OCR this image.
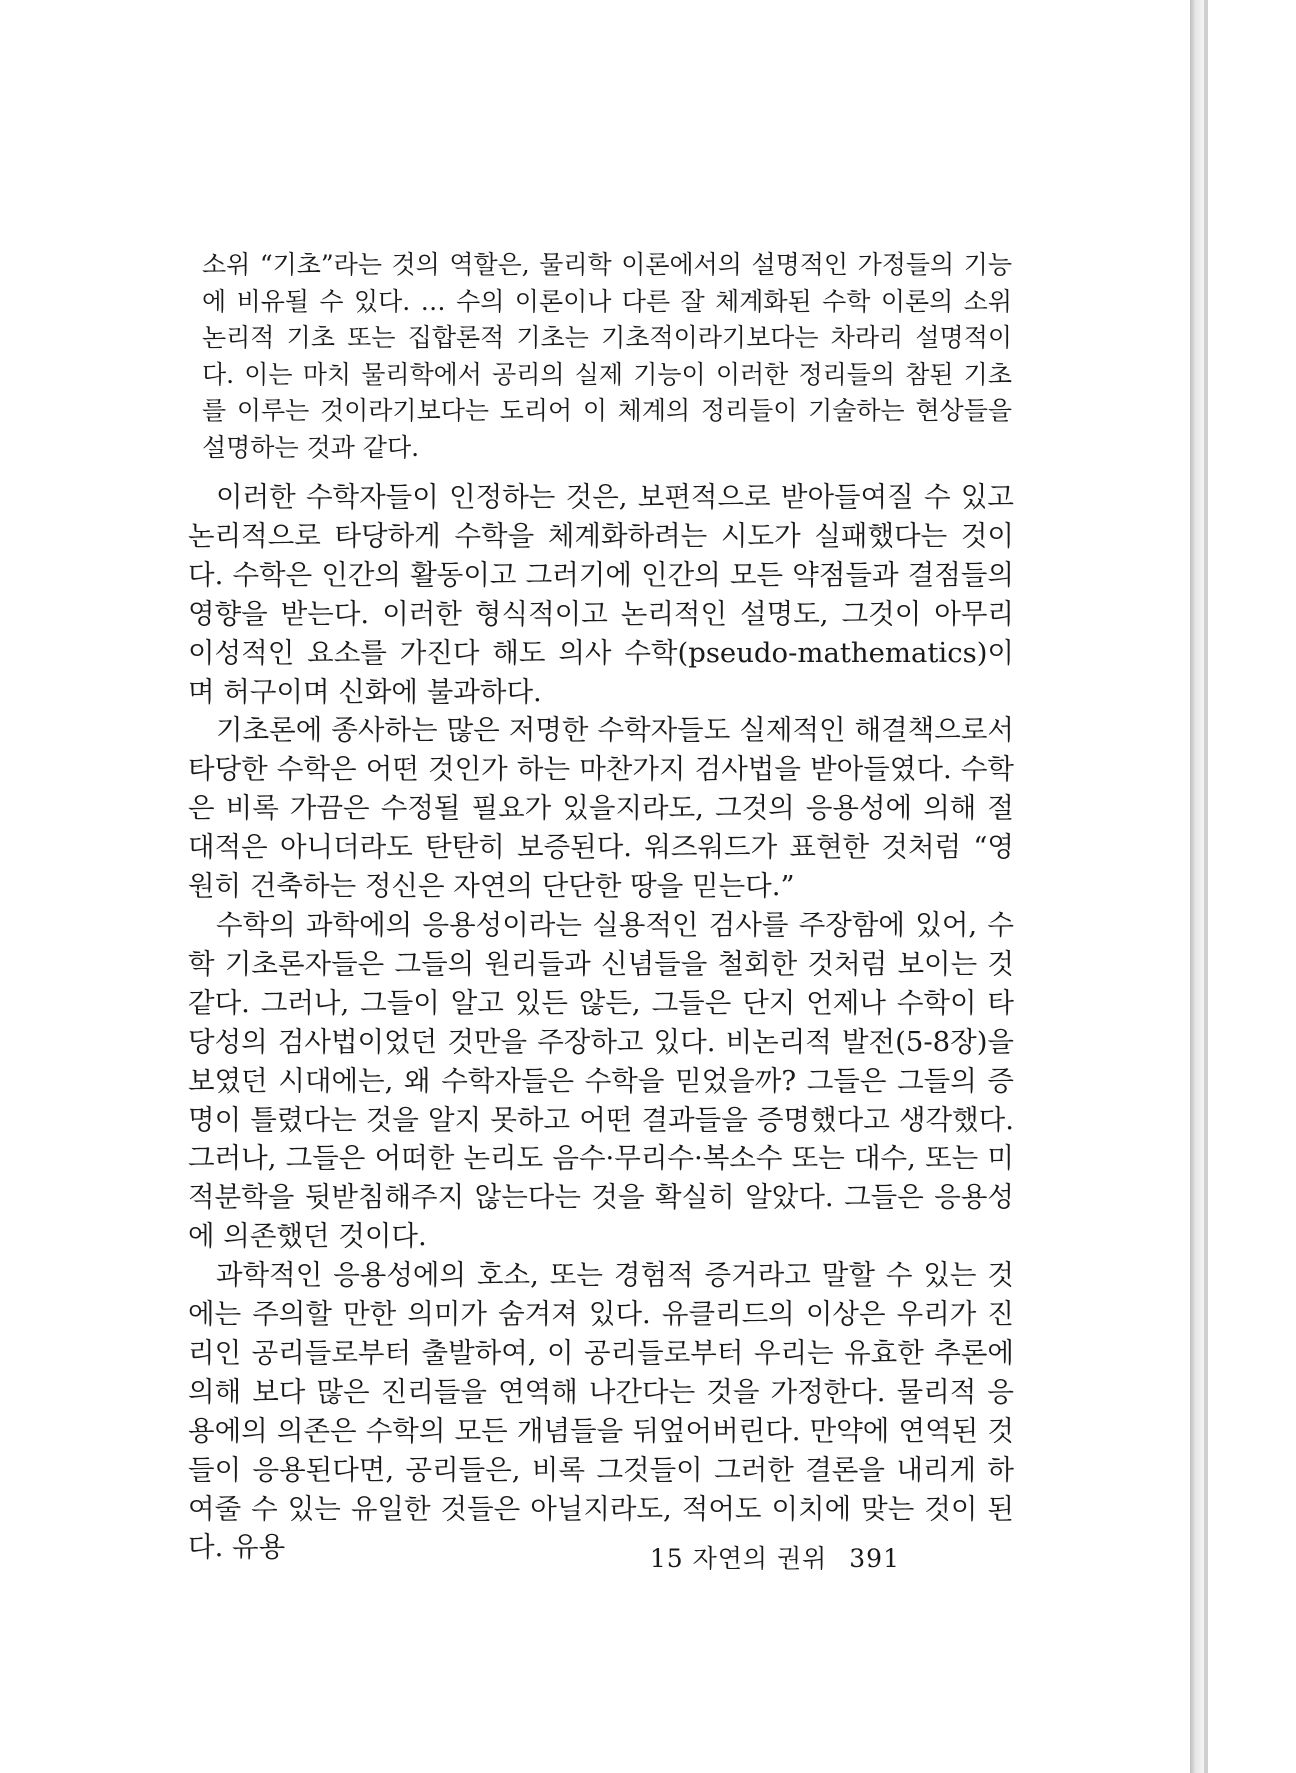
소위 “기초”라는 것의 역할은, 물리학 이론에서의 설명적인 가정들의 기능에 비유될 수 있다. … 수의 이론이나 다른 잘 체계화된 수학 이론의 소위 논리적 기초 또는 집합론적 기초는 기초적이라기보다는 차라리 설명적이다. 이는 마치 물리학에서 공리의 실제 기능이 이러한 정리들의 참된 기초를 이루는 것이라기보다는 도리어 이 체계의 정리들이 기술하는 현상들을 설명하는 것과 같다.

이러한 수학자들이 인정하는 것은, 보편적으로 받아들여질 수 있고 논리적으로 타당하게 수학을 체계화하려는 시도가 실패했다는 것이다. 수학은 인간의 활동이고 그러기에 인간의 모든 약점들과 결점들의 영향을 받는다. 이러한 형식적이고 논리적인 설명도, 그것이 아무리 이성적인 요소를 가진다 해도 의사 수학(pseudo-mathematics)이며 허구이며 신화에 불과하다.

기초론에 종사하는 많은 저명한 수학자들도 실제적인 해결책으로서 타당한 수학은 어떤 것인가 하는 마찬가지 검사법을 받아들였다. 수학은 비록 가끔은 수정될 필요가 있을지라도, 그것의 응용성에 의해 절대적은 아니더라도 탄탄히 보증된다. 워즈워드가 표현한 것처럼 “영원히 건축하는 정신은 자연의 단단한 땅을 믿는다.”

수학의 과학에의 응용성이라는 실용적인 검사를 주장함에 있어, 수학 기초론자들은 그들의 원리들과 신념들을 철회한 것처럼 보이는 것 같다. 그러나, 그들이 알고 있든 않든, 그들은 단지 언제나 수학이 타당성의 검사법이었던 것만을 주장하고 있다. 비논리적 발전(5-8장)을 보였던 시대에는, 왜 수학자들은 수학을 믿었을까? 그들은 그들의 증명이 틀렸다는 것을 알지 못하고 어떤 결과들을 증명했다고 생각했다. 그러나, 그들은 어떠한 논리도 음수·무리수·복소수 또는 대수, 또는 미적분학을 뒷받침해주지 않는다는 것을 확실히 알았다. 그들은 응용성에 의존했던 것이다.

과학적인 응용성에의 호소, 또는 경험적 증거라고 말할 수 있는 것에는 주의할 만한 의미가 숨겨져 있다. 유클리드의 이상은 우리가 진리인 공리들로부터 출발하여, 이 공리들로부터 우리는 유효한 추론에 의해 보다 많은 진리들을 연역해 나간다는 것을 가정한다. 물리적 응용에의 의존은 수학의 모든 개념들을 뒤엎어버린다. 만약에 연역된 것들이 응용된다면, 공리들은, 비록 그것들이 그러한 결론을 내리게 하여줄 수 있는 유일한 것들은 아닐지라도, 적어도 이치에 맞는 것이 된다. 유용	15 자연의 권위 391
